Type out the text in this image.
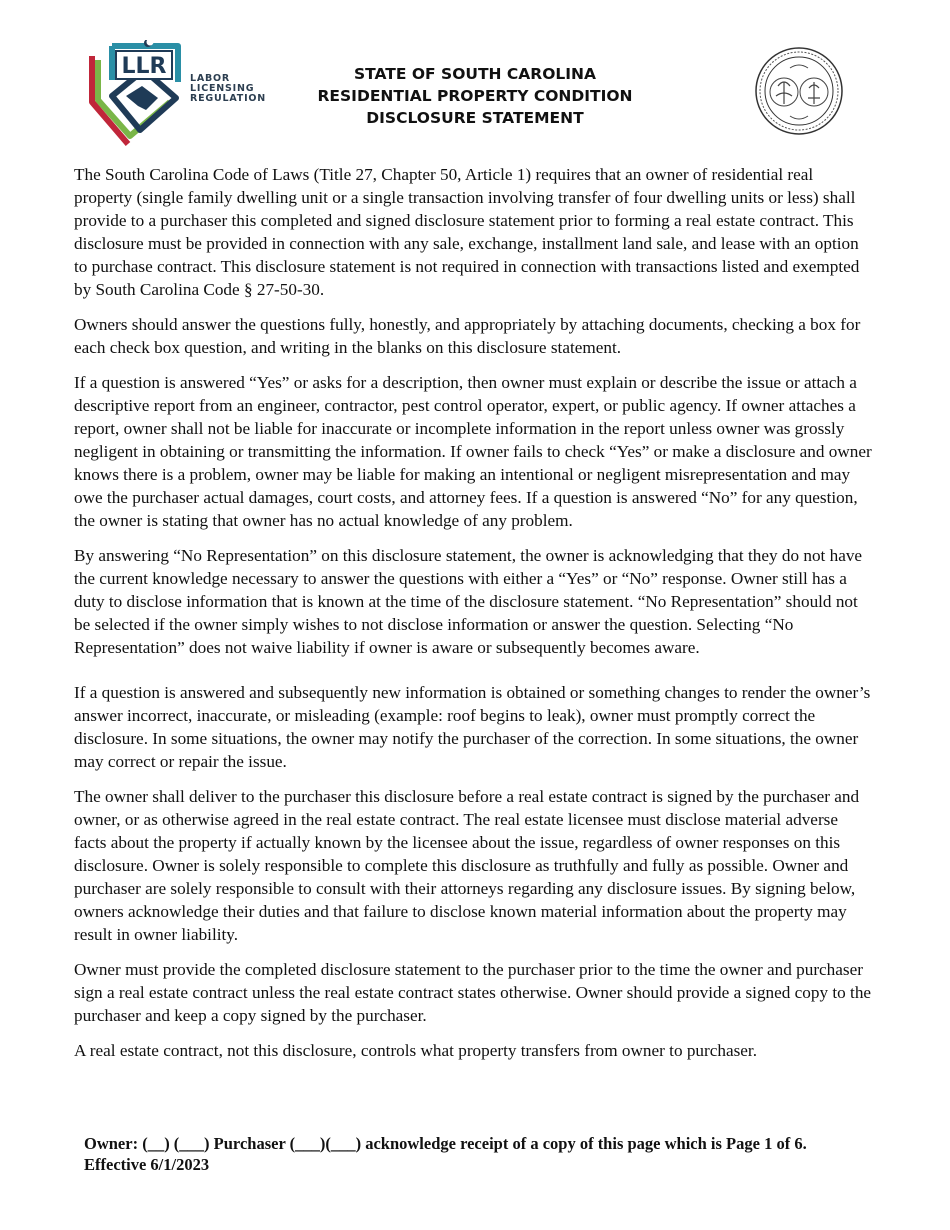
LLR LABOR
LICENSING
REGULATION
STATE OF SOUTH CAROLINA
RESIDENTIAL PROPERTY CONDITION
DISCLOSURE STATEMENT

The South Carolina Code of Laws (Title 27, Chapter 50, Article 1) requires that an owner of residential real property (single family dwelling unit or a single transaction involving transfer of four dwelling units or less) shall provide to a purchaser this completed and signed disclosure statement prior to forming a real estate contract. This disclosure must be provided in connection with any sale, exchange, installment land sale, and lease with an option to purchase contract. This disclosure statement is not required in connection with transactions listed and exempted by South Carolina Code § 27-50-30.

Owners should answer the questions fully, honestly, and appropriately by attaching documents, checking a box for each check box question, and writing in the blanks on this disclosure statement.

If a question is answered “Yes” or asks for a description, then owner must explain or describe the issue or attach a descriptive report from an engineer, contractor, pest control operator, expert, or public agency. If owner attaches a report, owner shall not be liable for inaccurate or incomplete information in the report unless owner was grossly negligent in obtaining or transmitting the information. If owner fails to check “Yes” or make a disclosure and owner knows there is a problem, owner may be liable for making an intentional or negligent misrepresentation and may owe the purchaser actual damages, court costs, and attorney fees. If a question is answered “No” for any question, the owner is stating that owner has no actual knowledge of any problem.

By answering “No Representation” on this disclosure statement, the owner is acknowledging that they do not have the current knowledge necessary to answer the questions with either a “Yes” or “No” response. Owner still has a duty to disclose information that is known at the time of the disclosure statement. “No Representation” should not be selected if the owner simply wishes to not disclose information or answer the question. Selecting “No Representation” does not waive liability if owner is aware or subsequently becomes aware.

If a question is answered and subsequently new information is obtained or something changes to render the owner’s answer incorrect, inaccurate, or misleading (example: roof begins to leak), owner must promptly correct the disclosure. In some situations, the owner may notify the purchaser of the correction. In some situations, the owner may correct or repair the issue.

The owner shall deliver to the purchaser this disclosure before a real estate contract is signed by the purchaser and owner, or as otherwise agreed in the real estate contract. The real estate licensee must disclose material adverse facts about the property if actually known by the licensee about the issue, regardless of owner responses on this disclosure. Owner is solely responsible to complete this disclosure as truthfully and fully as possible. Owner and purchaser are solely responsible to consult with their attorneys regarding any disclosure issues. By signing below, owners acknowledge their duties and that failure to disclose known material information about the property may result in owner liability.

Owner must provide the completed disclosure statement to the purchaser prior to the time the owner and purchaser sign a real estate contract unless the real estate contract states otherwise. Owner should provide a signed copy to the purchaser and keep a copy signed by the purchaser.

A real estate contract, not this disclosure, controls what property transfers from owner to purchaser.

Owner: (__) (___) Purchaser (___)(___) acknowledge receipt of a copy of this page which is Page 1 of 6.
Effective 6/1/2023
